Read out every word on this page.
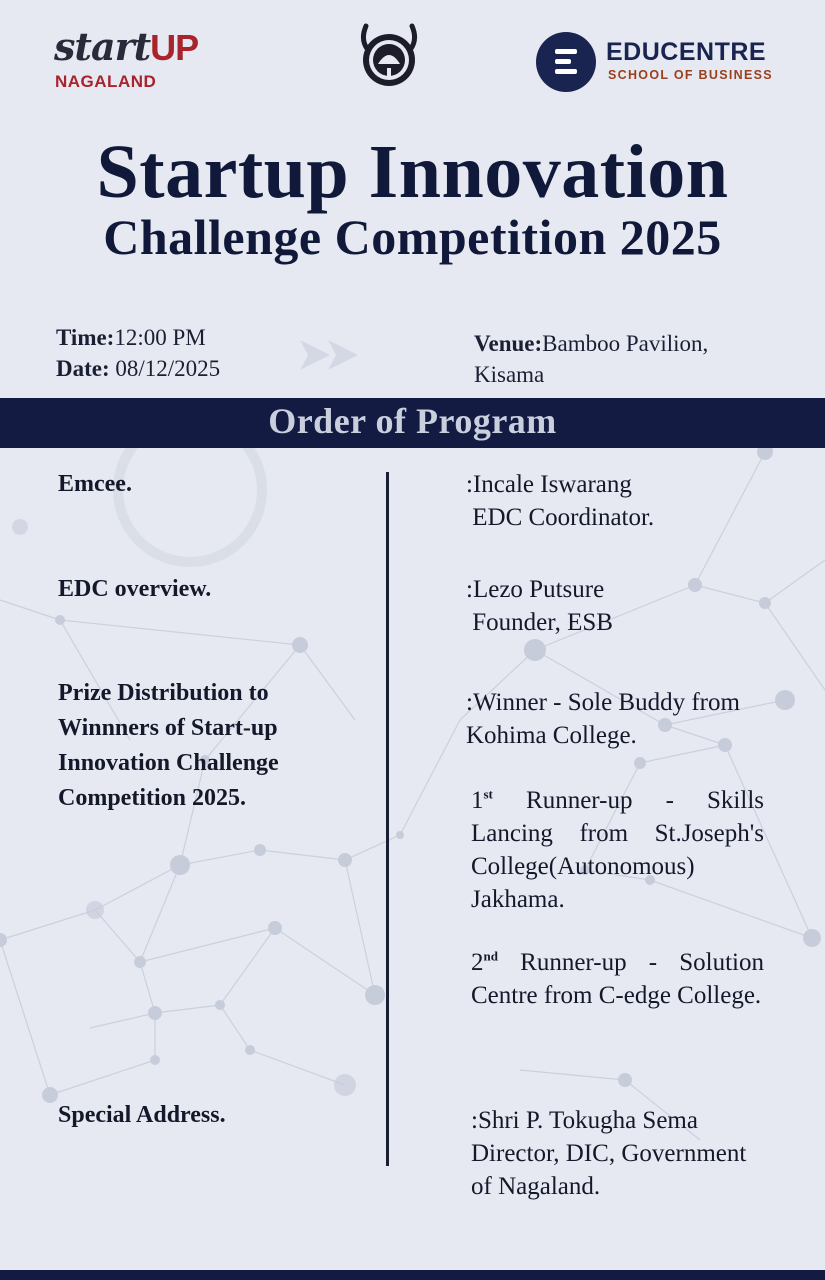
startUP
NAGALAND
EDUCENTRE
SCHOOL OF BUSINESS
Startup Innovation
Challenge Competition 2025
Time:12:00 PM
Date: 08/12/2025
Venue:Bamboo Pavilion, Kisama
Order of Program
Emcee.
EDC overview.
Prize Distribution to Winnners of Start-up Innovation Challenge Competition 2025.
Special Address.
:Incale Iswarang
EDC Coordinator.
:Lezo Putsure
Founder, ESB
:Winner - Sole Buddy from Kohima College.
1st Runner-up - Skills Lancing from St.Joseph's College(Autonomous) Jakhama.
2nd Runner-up - Solution Centre from C-edge College.
:Shri P. Tokugha Sema Director, DIC, Government of Nagaland.
